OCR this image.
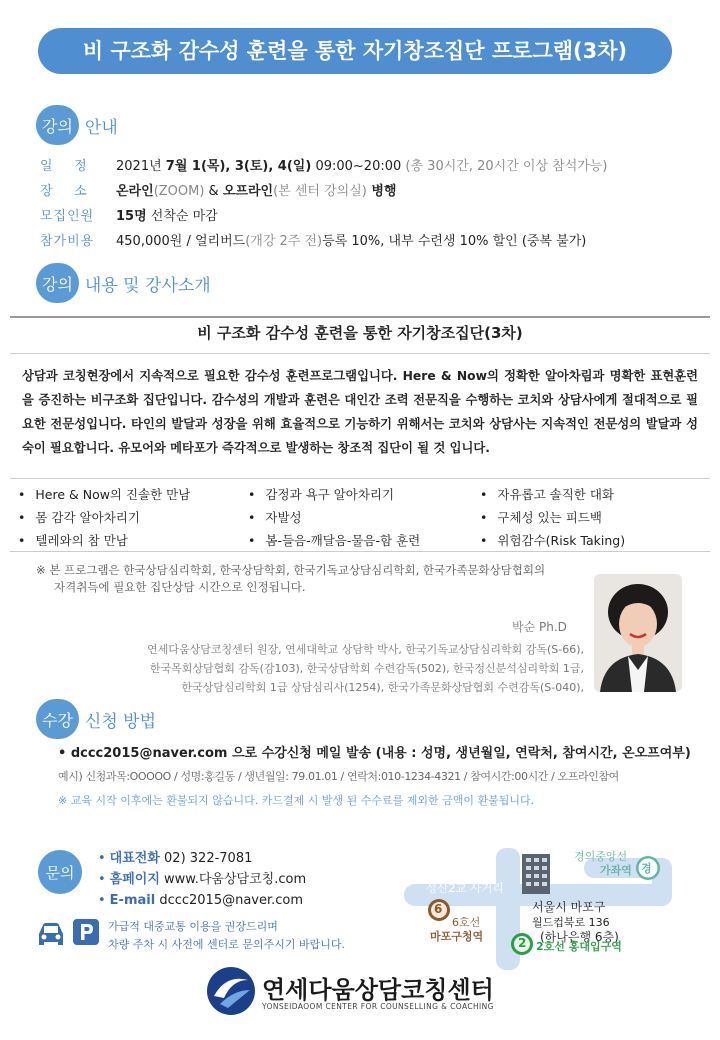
비 구조화 감수성 훈련을 통한 자기창조집단 프로그램(3차)
강의 안내
일    정	2021년 7월 1(목), 3(토), 4(일) 09:00~20:00 (총 30시간, 20시간 이상 참석가능)
장    소	온라인(ZOOM) & 오프라인(본 센터 강의실) 병행
모집인원	15명 선착순 마감
참가비용	450,000원 / 얼리버드(개강 2주 전)등록 10%, 내부 수련생 10% 할인 (중복 불가)
강의 내용 및 강사소개
비 구조화 감수성 훈련을 통한 자기창조집단(3차)
상담과 코칭현장에서 지속적으로 필요한 감수성 훈련프로그램입니다. Here & Now의 정확한 알아차림과 명확한 표현훈련을 증진하는 비구조화 집단입니다. 감수성의 개발과 훈련은 대인간 조력 전문직을 수행하는 코치와 상담사에게 절대적으로 필요한 전문성입니다. 타인의 발달과 성장을 위해 효율적으로 기능하기 위해서는 코치와 상담사는 지속적인 전문성의 발달과 성숙이 필요합니다. 유모어와 메타포가 즉각적으로 발생하는 창조적 집단이 될 것 입니다.
• Here & Now의 진솔한 만남
• 몸 감각 알아차리기
• 텔레와의 참 만남
• 감정과 욕구 알아차리기
• 자발성
• 봄-들음-깨달음-물음-함 훈련
• 자유롭고 솔직한 대화
• 구체성 있는 피드백
• 위험감수(Risk Taking)
※ 본 프로그램은 한국상담심리학회, 한국상담학회, 한국기독교상담심리학회, 한국가족문화상담협회의
자격취득에 필요한 집단상담 시간으로 인정됩니다.
박순 Ph.D
연세다움상담코칭센터 원장, 연세대학교 상담학 박사, 한국기독교상담심리학회 감독(S-66),
한국목회상담협회 감독(감103), 한국상담학회 수련감독(502), 한국정신분석심리학회 1급,
한국상담심리학회 1급 상담심리사(1254), 한국가족문화상담협회 수련감독(S-040),
수강 신청 방법
• dccc2015@naver.com 으로 수강신청 메일 발송 (내용 : 성명, 생년월일, 연락처, 참여시간, 온오프여부)
예시) 신청과목:OOOOO / 성명:홍길동 / 생년월일: 79.01.01 / 연락처:010-1234-4321 / 참여시간:00시간 / 오프라인참여
※ 교육 시작 이후에는 환불되지 않습니다. 카드결제 시 발생 된 수수료를 제외한 금액이 환불됩니다.
문의
• 대표전화 02) 322-7081
• 홈페이지 www.다움상담코칭.com
• E-mail dccc2015@naver.com
가급적 대중교통 이용을 권장드리며
차량 주차 시 사전에 센터로 문의주시기 바랍니다.
성산2교 사거리
6
6호선
마포구청역
경의중앙선
가좌역 경
서울시 마포구
월드컵북로 136
(하나은행 6층)
2 2호선 홍대입구역
연세다움상담코칭센터
YONSEIDAOOM CENTER FOR COUNSELLING & COACHING
